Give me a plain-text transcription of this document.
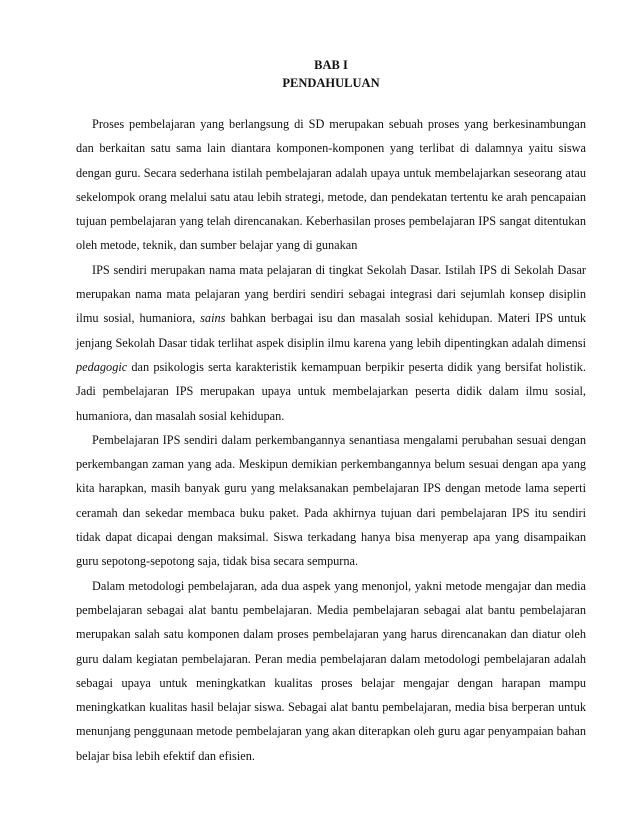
BAB I
PENDAHULUAN

Proses pembelajaran yang berlangsung di SD merupakan sebuah proses yang berkesinambungan dan berkaitan satu sama lain diantara komponen-komponen yang terlibat di dalamnya yaitu siswa dengan guru. Secara sederhana istilah pembelajaran adalah upaya untuk membelajarkan seseorang atau sekelompok orang melalui satu atau lebih strategi, metode, dan pendekatan tertentu ke arah pencapaian tujuan pembelajaran yang telah direncanakan. Keberhasilan proses pembelajaran IPS sangat ditentukan oleh metode, teknik, dan sumber belajar yang di gunakan

IPS sendiri merupakan nama mata pelajaran di tingkat Sekolah Dasar. Istilah IPS di Sekolah Dasar merupakan nama mata pelajaran yang berdiri sendiri sebagai integrasi dari sejumlah konsep disiplin ilmu sosial, humaniora, sains bahkan berbagai isu dan masalah sosial kehidupan. Materi IPS untuk jenjang Sekolah Dasar tidak terlihat aspek disiplin ilmu karena yang lebih dipentingkan adalah dimensi pedagogic dan psikologis serta karakteristik kemampuan berpikir peserta didik yang bersifat holistik. Jadi pembelajaran IPS merupakan upaya untuk membelajarkan peserta didik dalam ilmu sosial, humaniora, dan masalah sosial kehidupan.

Pembelajaran IPS sendiri dalam perkembangannya senantiasa mengalami perubahan sesuai dengan perkembangan zaman yang ada. Meskipun demikian perkembangannya belum sesuai dengan apa yang kita harapkan, masih banyak guru yang melaksanakan pembelajaran IPS dengan metode lama seperti ceramah dan sekedar membaca buku paket. Pada akhirnya tujuan dari pembelajaran IPS itu sendiri tidak dapat dicapai dengan maksimal. Siswa terkadang hanya bisa menyerap apa yang disampaikan guru sepotong-sepotong saja, tidak bisa secara sempurna.

Dalam metodologi pembelajaran, ada dua aspek yang menonjol, yakni metode mengajar dan media pembelajaran sebagai alat bantu pembelajaran. Media pembelajaran sebagai alat bantu pembelajaran merupakan salah satu komponen dalam proses pembelajaran yang harus direncanakan dan diatur oleh guru dalam kegiatan pembelajaran. Peran media pembelajaran dalam metodologi pembelajaran adalah sebagai upaya untuk meningkatkan kualitas proses belajar mengajar dengan harapan mampu meningkatkan kualitas hasil belajar siswa. Sebagai alat bantu pembelajaran, media bisa berperan untuk menunjang penggunaan metode pembelajaran yang akan diterapkan oleh guru agar penyampaian bahan belajar bisa lebih efektif dan efisien.
